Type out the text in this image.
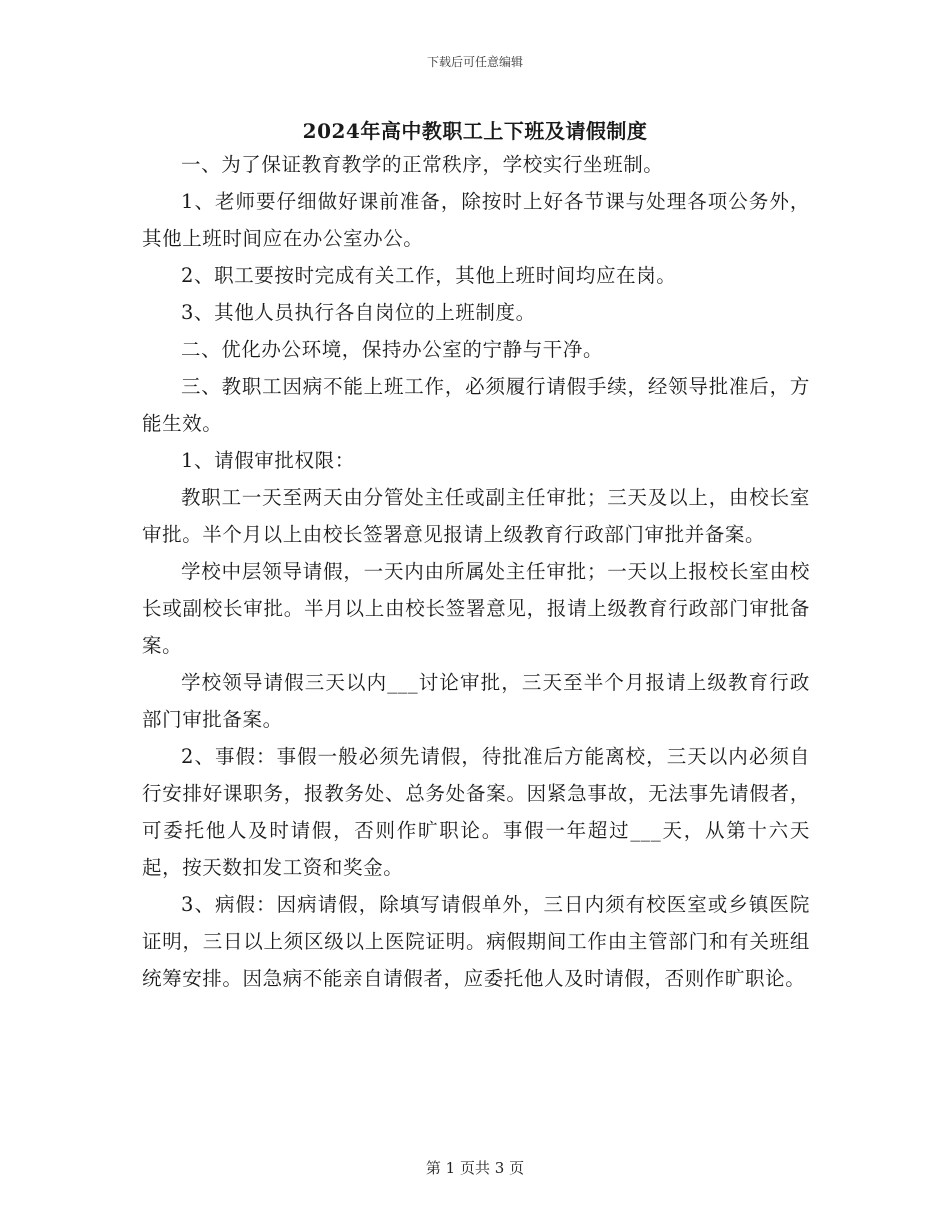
下载后可任意编辑
2024年高中教职工上下班及请假制度

一、为了保证教育教学的正常秩序，学校实行坐班制。

1、老师要仔细做好课前准备，除按时上好各节课与处理各项公务外，其他上班时间应在办公室办公。

2、职工要按时完成有关工作，其他上班时间均应在岗。

3、其他人员执行各自岗位的上班制度。

二、优化办公环境，保持办公室的宁静与干净。

三、教职工因病不能上班工作，必须履行请假手续，经领导批准后，方能生效。

1、请假审批权限：

教职工一天至两天由分管处主任或副主任审批；三天及以上，由校长室审批。半个月以上由校长签署意见报请上级教育行政部门审批并备案。

学校中层领导请假，一天内由所属处主任审批；一天以上报校长室由校长或副校长审批。半月以上由校长签署意见，报请上级教育行政部门审批备案。

学校领导请假三天以内___讨论审批，三天至半个月报请上级教育行政部门审批备案。

2、事假：事假一般必须先请假，待批准后方能离校，三天以内必须自行安排好课职务，报教务处、总务处备案。因紧急事故，无法事先请假者，可委托他人及时请假，否则作旷职论。事假一年超过___天，从第十六天起，按天数扣发工资和奖金。

3、病假：因病请假，除填写请假单外，三日内须有校医室或乡镇医院证明，三日以上须区级以上医院证明。病假期间工作由主管部门和有关班组统筹安排。因急病不能亲自请假者，应委托他人及时请假，否则作旷职论。

第 1 页共 3 页
